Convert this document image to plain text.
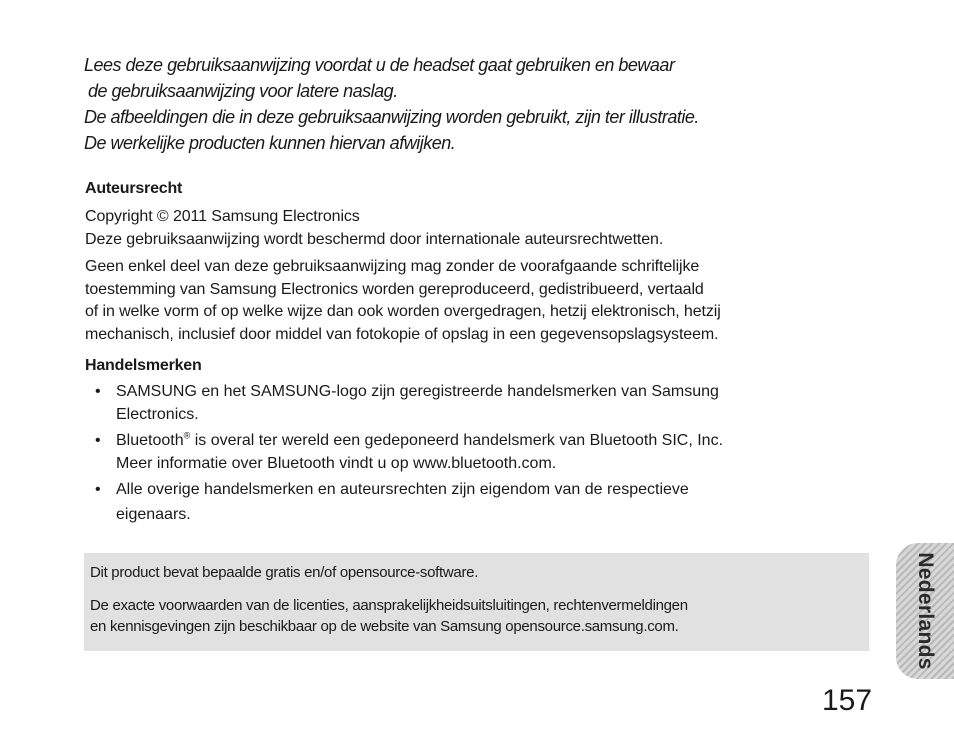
Lees deze gebruiksaanwijzing voordat u de headset gaat gebruiken en bewaar

de gebruiksaanwijzing voor latere naslag.

De afbeeldingen die in deze gebruiksaanwijzing worden gebruikt, zijn ter illustratie.

De werkelijke producten kunnen hiervan afwijken.

Auteursrecht

Copyright © 2011 Samsung Electronics

Deze gebruiksaanwijzing wordt beschermd door internationale auteursrechtwetten.

Geen enkel deel van deze gebruiksaanwijzing mag zonder de voorafgaande schriftelijke

toestemming van Samsung Electronics worden gereproduceerd, gedistribueerd, vertaald

of in welke vorm of op welke wijze dan ook worden overgedragen, hetzij elektronisch, hetzij

mechanisch, inclusief door middel van fotokopie of opslag in een gegevensopslagsysteem.

Handelsmerken
• SAMSUNG en het SAMSUNG-logo zijn geregistreerde handelsmerken van Samsung
Electronics.
• Bluetooth® is overal ter wereld een gedeponeerd handelsmerk van Bluetooth SIC, Inc.
Meer informatie over Bluetooth vindt u op www.bluetooth.com.
• Alle overige handelsmerken en auteursrechten zijn eigendom van de respectieve
eigenaars.

Dit product bevat bepaalde gratis en/of opensource-software.

De exacte voorwaarden van de licenties, aansprakelijkheidsuitsluitingen, rechtenvermeldingen

en kennisgevingen zijn beschikbaar op de website van Samsung opensource.samsung.com.	Nederlands
157
